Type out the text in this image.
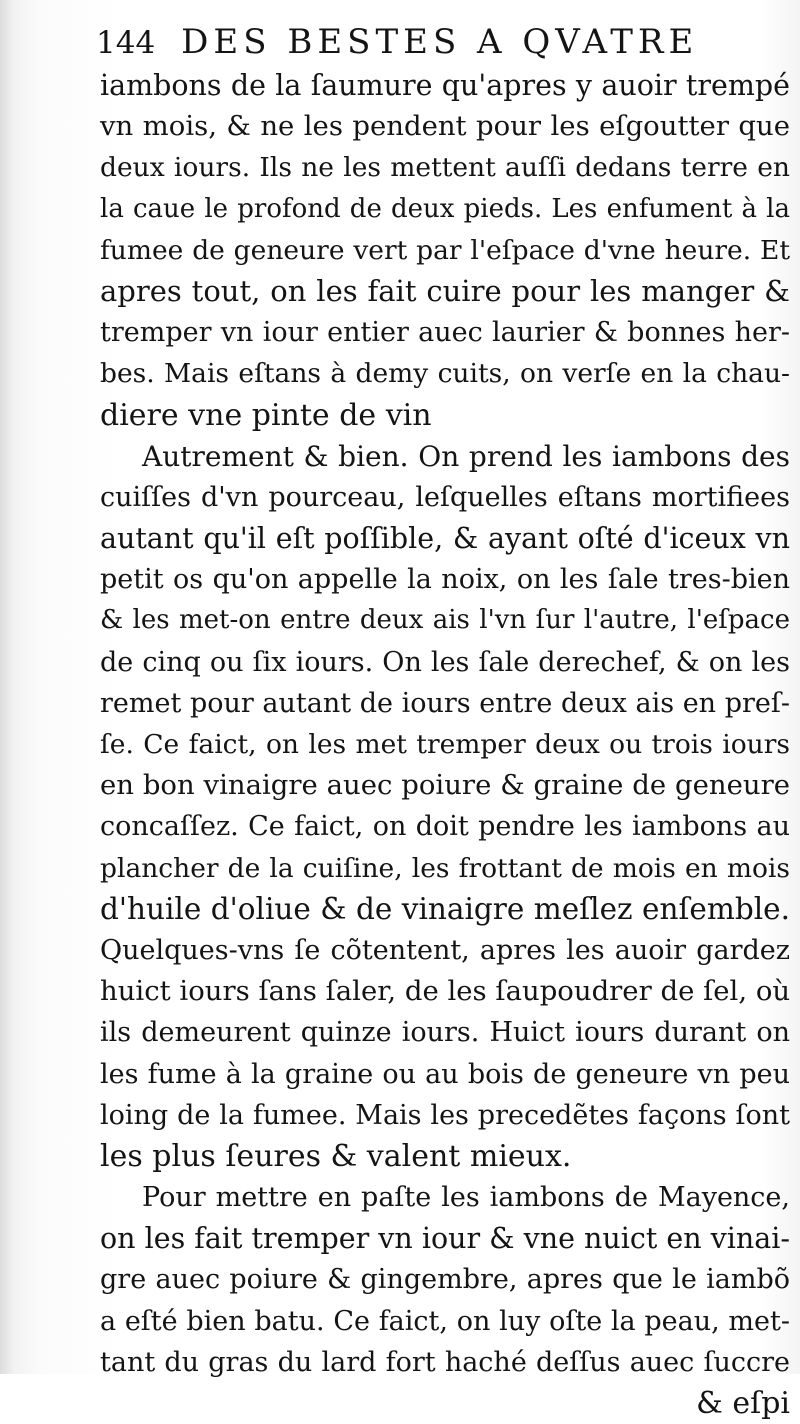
144 DES BESTES A QVATRE
iambons de la ſaumure qu'apres y auoir trempé
vn mois, & ne les pendent pour les eſgoutter que
deux iours. Ils ne les mettent auſſi dedans terre en
la caue le profond de deux pieds. Les enfument à la
fumee de geneure vert par l'eſpace d'vne heure. Et
apres tout, on les fait cuire pour les manger &
tremper vn iour entier auec laurier & bonnes her-
bes. Mais eſtans à demy cuits, on verſe en la chau-
diere vne pinte de vin
Autrement & bien. On prend les iambons des
cuiſſes d'vn pourceau, leſquelles eſtans mortifiees
autant qu'il eſt poſſible, & ayant oſté d'iceux vn
petit os qu'on appelle la noix, on les ſale tres-bien
& les met-on entre deux ais l'vn ſur l'autre, l'eſpace
de cinq ou ſix iours. On les ſale derechef, & on les
remet pour autant de iours entre deux ais en preſ-
ſe. Ce faict, on les met tremper deux ou trois iours
en bon vinaigre auec poiure & graine de geneure
concaſſez. Ce faict, on doit pendre les iambons au
plancher de la cuiſine, les frottant de mois en mois
d'huile d'oliue & de vinaigre meſlez enſemble.
Quelques-vns ſe cõtentent, apres les auoir gardez
huict iours ſans ſaler, de les ſaupoudrer de ſel, où
ils demeurent quinze iours. Huict iours durant on
les fume à la graine ou au bois de geneure vn peu
loing de la fumee. Mais les precedẽtes façons ſont
les plus ſeures & valent mieux.
Pour mettre en paſte les iambons de Mayence,
on les fait tremper vn iour & vne nuict en vinai-
gre auec poiure & gingembre, apres que le iambõ
a eſté bien batu. Ce faict, on luy oſte la peau, met-
tant du gras du lard fort haché deſſus auec ſuccre
& eſpi
